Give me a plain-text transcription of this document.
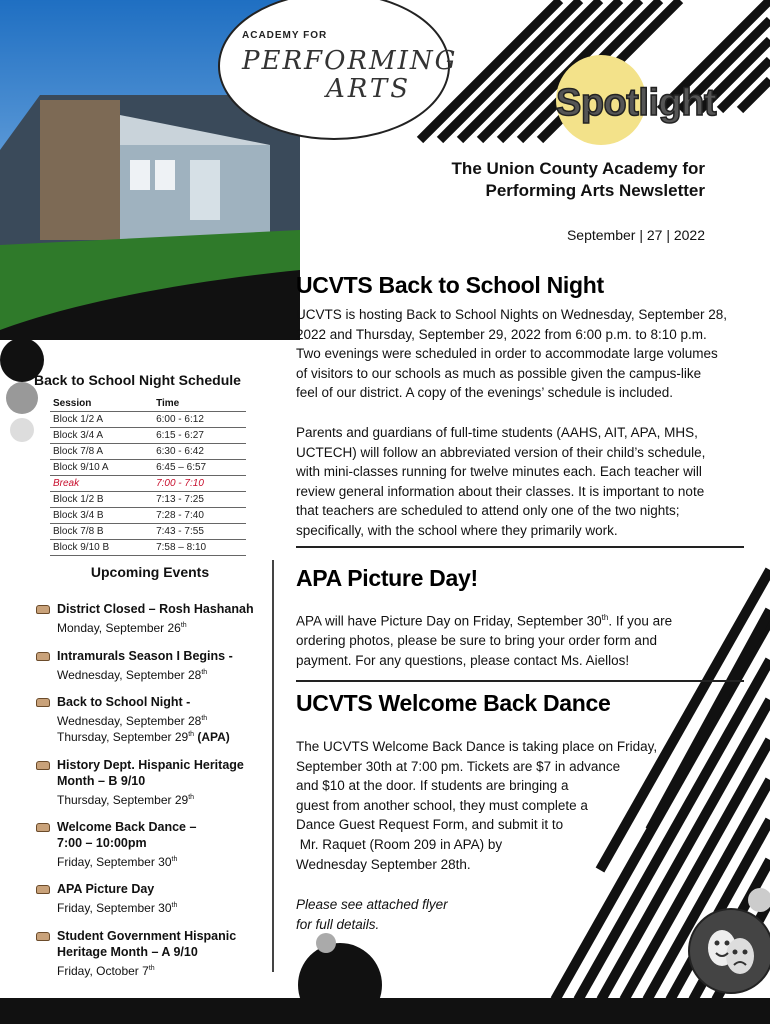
ACADEMY FOR
PERFORMING
ARTS	Spotlight
The Union County Academy for
Performing Arts Newsletter
September | 27 | 2022
UCVTS Back to School Night
UCVTS is hosting Back to School Nights on Wednesday, September 28,
2022 and Thursday, September 29, 2022 from 6:00 p.m. to 8:10 p.m.
Two evenings were scheduled in order to accommodate large volumes
of visitors to our schools as much as possible given the campus-like
feel of our district. A copy of the evenings’ schedule is included.
Parents and guardians of full-time students (AAHS, AIT, APA, MHS,
UCTECH) will follow an abbreviated version of their child’s schedule,
with mini-classes running for twelve minutes each. Each teacher will
review general information about their classes. It is important to note
that teachers are scheduled to attend only one of the two nights;
specifically, with the school where they primarily work.
APA Picture Day!
APA will have Picture Day on Friday, September 30th. If you are
ordering photos, please be sure to bring your order form and
payment. For any questions, please contact Ms. Aiellos!
UCVTS Welcome Back Dance
The UCVTS Welcome Back Dance is taking place on Friday,
September 30th at 7:00 pm. Tickets are $7 in advance
and $10 at the door. If students are bringing a
guest from another school, they must complete a
Dance Guest Request Form, and submit it to
Mr. Raquet (Room 209 in APA) by
Wednesday September 28th.
Please see attached flyer
for full details.
Back to School Night Schedule
Session	Time
Block 1/2 A	6:00 - 6:12
Block 3/4 A	6:15 - 6:27
Block 7/8 A	6:30 - 6:42
Block 9/10 A	6:45 – 6:57
Break	7:00 - 7:10
Block 1/2 B	7:13 - 7:25
Block 3/4 B	7:28 - 7:40
Block 7/8 B	7:43 - 7:55
Block 9/10 B	7:58 – 8:10
Upcoming Events
District Closed – Rosh Hashanah
Monday, September 26th
Intramurals Season I Begins -
Wednesday, September 28th
Back to School Night -
Wednesday, September 28th
Thursday, September 29th (APA)
History Dept. Hispanic Heritage Month – B 9/10
Thursday, September 29th
Welcome Back Dance – 7:00 – 10:00pm
Friday, September 30th
APA Picture Day
Friday, September 30th
Student Government Hispanic Heritage Month – A 9/10
Friday, October 7th
